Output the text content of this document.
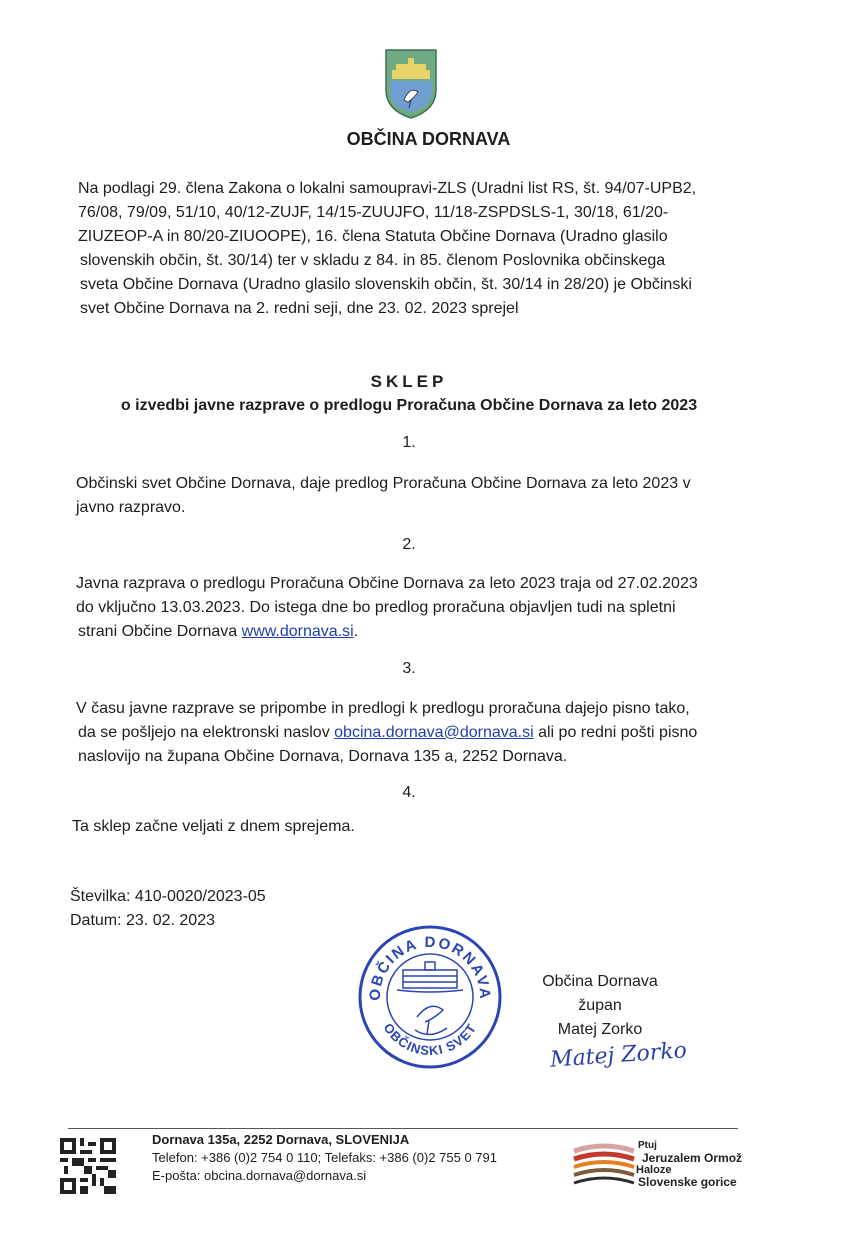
OBČINA DORNAVA
Na podlagi 29. člena Zakona o lokalni samoupravi-ZLS (Uradni list RS, št. 94/07-UPB2,
76/08, 79/09, 51/10, 40/12-ZUJF, 14/15-ZUUJFO, 11/18-ZSPDSLS-1, 30/18, 61/20-
ZIUZEOP-A in 80/20-ZIUOOPE), 16. člena Statuta Občine Dornava (Uradno glasilo
slovenskih občin, št. 30/14) ter v skladu z 84. in 85. členom Poslovnika občinskega
sveta Občine Dornava (Uradno glasilo slovenskih občin, št. 30/14 in 28/20) je Občinski
svet Občine Dornava na 2. redni seji, dne 23. 02. 2023 sprejel
SKLEP
o izvedbi javne razprave o predlogu Proračuna Občine Dornava za leto 2023
1.
Občinski svet Občine Dornava, daje predlog Proračuna Občine Dornava za leto 2023 v
javno razpravo.
2.
Javna razprava o predlogu Proračuna Občine Dornava za leto 2023 traja od 27.02.2023
do vključno 13.03.2023. Do istega dne bo predlog proračuna objavljen tudi na spletni
strani Občine Dornava www.dornava.si.
3.
V času javne razprave se pripombe in predlogi k predlogu proračuna dajejo pisno tako,
da se pošljejo na elektronski naslov obcina.dornava@dornava.si ali po redni pošti pisno
naslovijo na župana Občine Dornava, Dornava 135 a, 2252 Dornava.
4.
Ta sklep začne veljati z dnem sprejema.
Številka: 410-0020/2023-05
Datum: 23. 02. 2023
OBČINA DORNAVA
OBČINSKI SVET
Občina Dornava
župan
Matej Zorko
Matej Zorko
Dornava 135a, 2252 Dornava, SLOVENIJA
Telefon: +386 (0)2 754 0 110; Telefaks: +386 (0)2 755 0 791
E-pošta: obcina.dornava@dornava.si
Ptuj
Jeruzalem Ormož
Haloze
Slovenske gorice
